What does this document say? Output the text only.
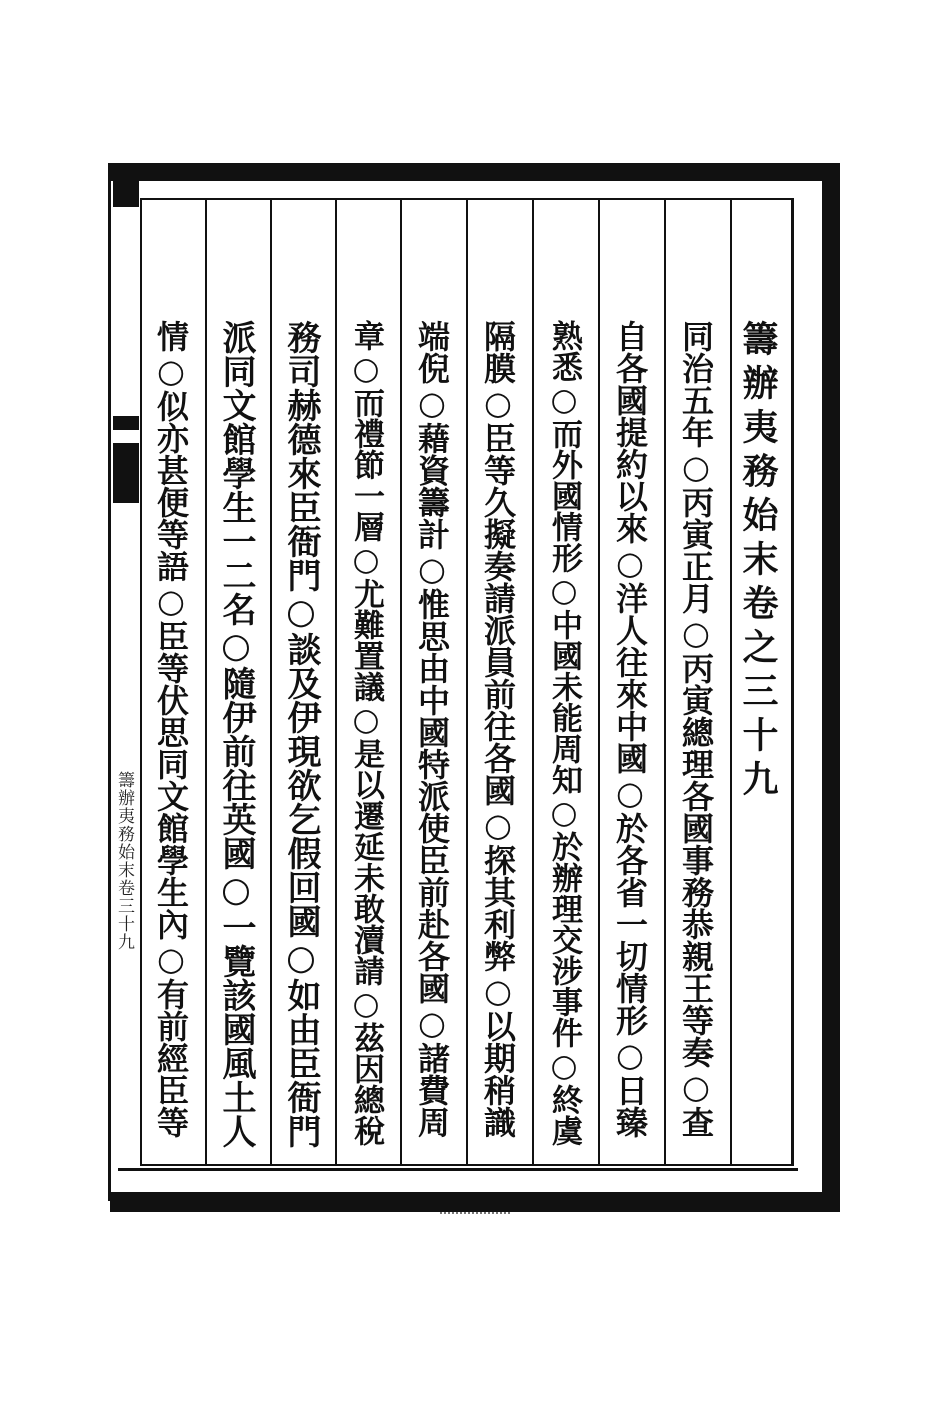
籌辦夷務始末卷三十九
籌辦夷務始末卷之三十九
同治五年○丙寅正月○丙寅總理各國事務恭親王等奏○查
自各國提約以來○洋人往來中國○於各省一切情形○日臻
熟悉○而外國情形○中國未能周知○於辦理交涉事件○終虞
隔膜○臣等久擬奏請派員前往各國○探其利弊○以期稍識
端倪○藉資籌計○惟思由中國特派使臣前赴各國○諸費周
章○而禮節一層○尤難置議○是以遷延未敢瀆請○茲因總稅
務司赫德來臣衙門○談及伊現欲乞假回國○如由臣衙門
派同文館學生一二名○隨伊前往英國○一覽該國風土人
情○似亦甚便等語○臣等伏思同文館學生內○有前經臣等
